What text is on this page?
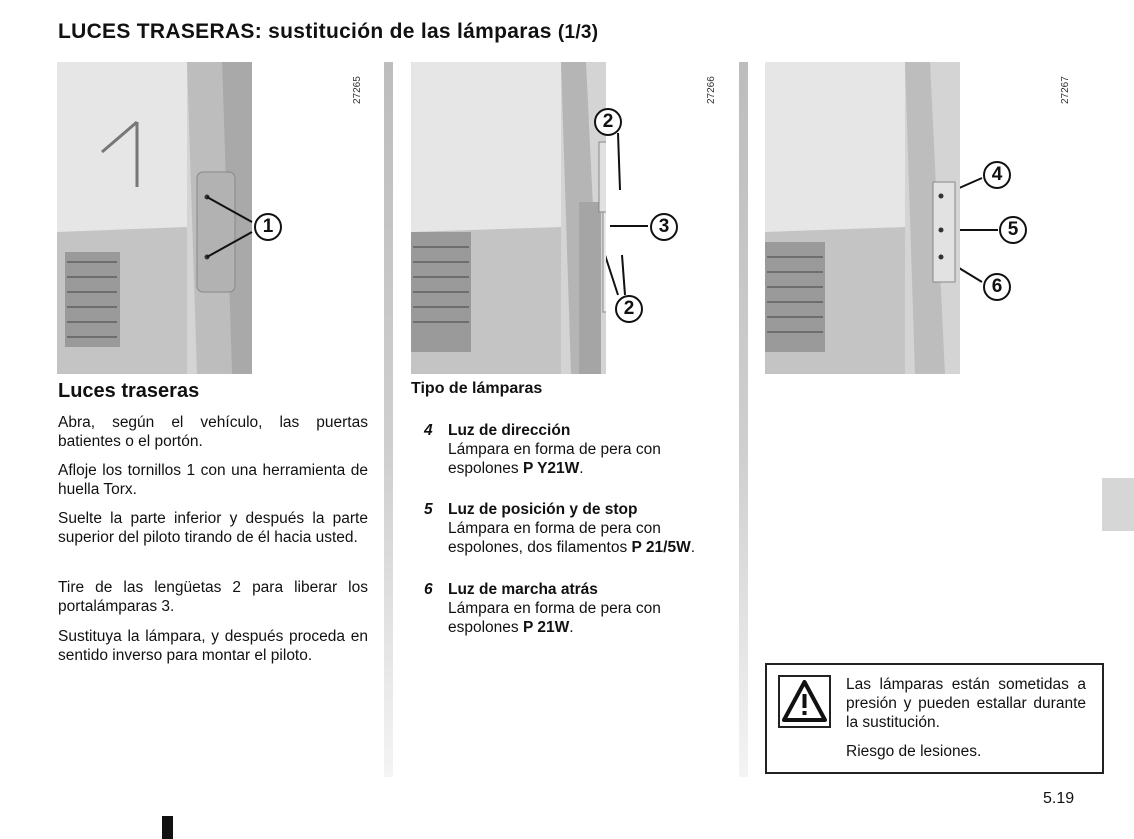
LUCES TRASERAS: sustitución de las lámparas (1/3)
27265
1
27266
2
3
2
27267
4
5
6
Luces traseras
Abra, según el vehículo, las puertas batientes o el portón.
Afloje los tornillos 1 con una herramienta de huella Torx.
Suelte la parte inferior y después la parte superior del piloto tirando de él hacia usted.
Tire de las lengüetas 2 para liberar los portalámparas 3.
Sustituya la lámpara, y después proceda en sentido inverso para montar el piloto.
Tipo de lámparas
4 Luz de dirección
Lámpara en forma de pera con espolones P Y21W.
5 Luz de posición y de stop
Lámpara en forma de pera con espolones, dos filamentos P 21/5W.
6 Luz de marcha atrás
Lámpara en forma de pera con espolones P 21W.
Las lámparas están sometidas a presión y pueden estallar durante la sustitución.
Riesgo de lesiones.
5.19
